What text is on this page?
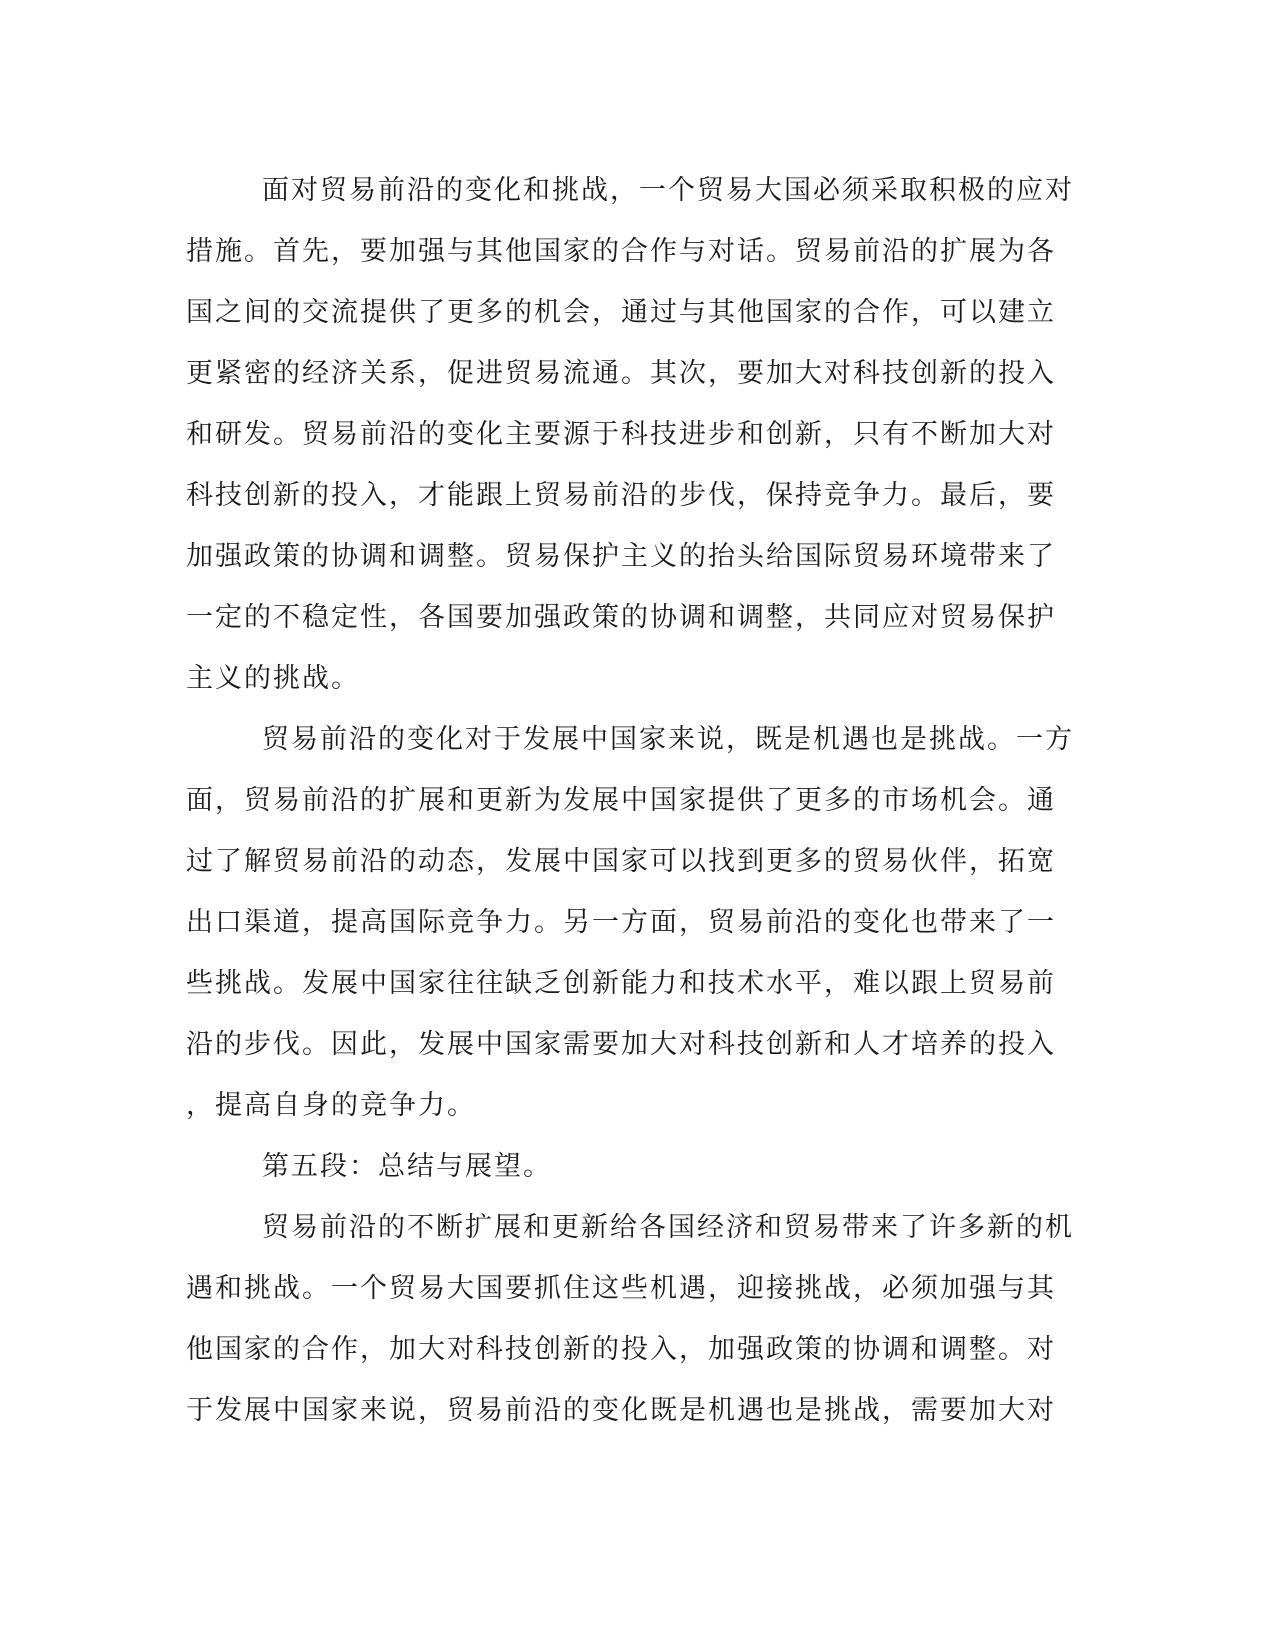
面对贸易前沿的变化和挑战，一个贸易大国必须采取积极的应对
措施。首先，要加强与其他国家的合作与对话。贸易前沿的扩展为各
国之间的交流提供了更多的机会，通过与其他国家的合作，可以建立
更紧密的经济关系，促进贸易流通。其次，要加大对科技创新的投入
和研发。贸易前沿的变化主要源于科技进步和创新，只有不断加大对
科技创新的投入，才能跟上贸易前沿的步伐，保持竞争力。最后，要
加强政策的协调和调整。贸易保护主义的抬头给国际贸易环境带来了
一定的不稳定性，各国要加强政策的协调和调整，共同应对贸易保护
主义的挑战。
贸易前沿的变化对于发展中国家来说，既是机遇也是挑战。一方
面，贸易前沿的扩展和更新为发展中国家提供了更多的市场机会。通
过了解贸易前沿的动态，发展中国家可以找到更多的贸易伙伴，拓宽
出口渠道，提高国际竞争力。另一方面，贸易前沿的变化也带来了一
些挑战。发展中国家往往缺乏创新能力和技术水平，难以跟上贸易前
沿的步伐。因此，发展中国家需要加大对科技创新和人才培养的投入
，提高自身的竞争力。
第五段：总结与展望。
贸易前沿的不断扩展和更新给各国经济和贸易带来了许多新的机
遇和挑战。一个贸易大国要抓住这些机遇，迎接挑战，必须加强与其
他国家的合作，加大对科技创新的投入，加强政策的协调和调整。对
于发展中国家来说，贸易前沿的变化既是机遇也是挑战，需要加大对
